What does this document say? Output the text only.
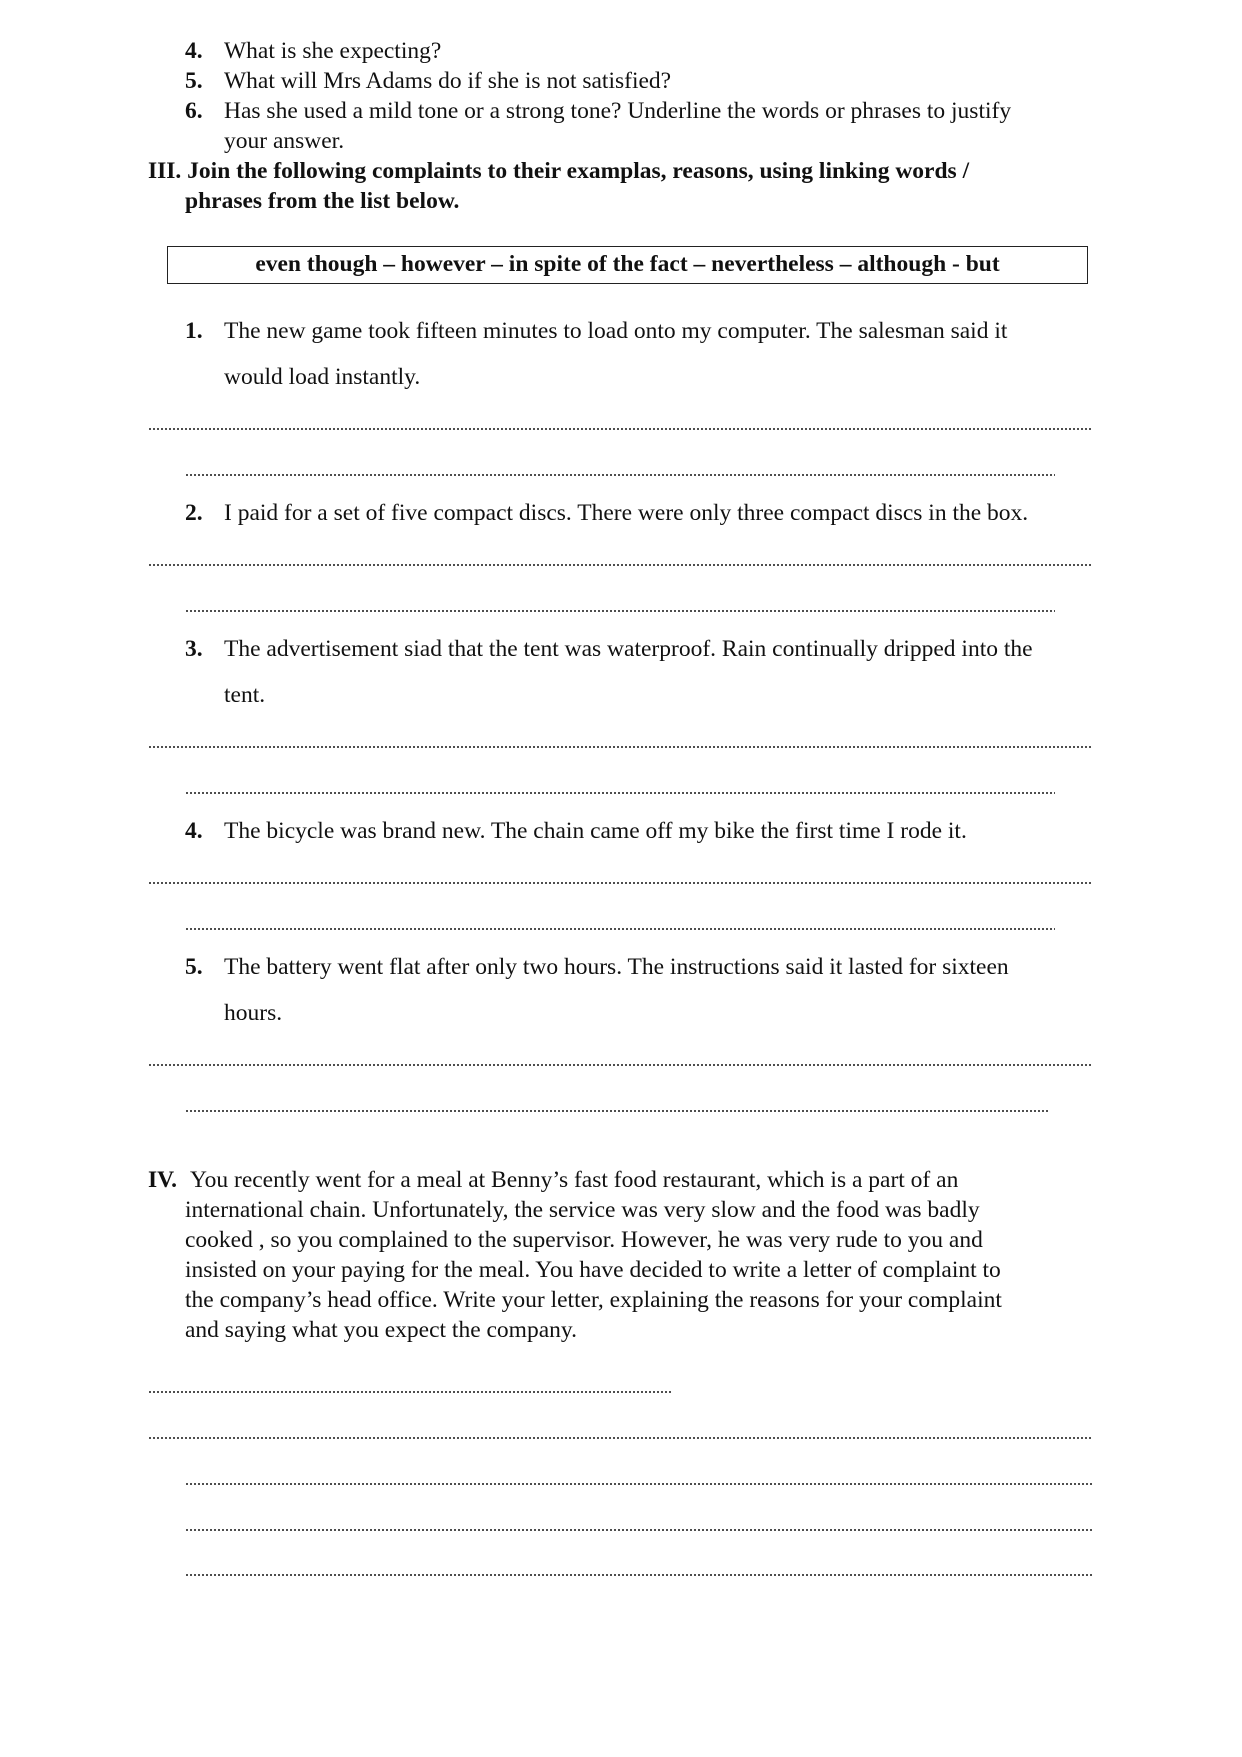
4. What is she expecting?
5. What will Mrs Adams do if she is not satisfied?
6. Has she used a mild tone or a strong tone? Underline the words or phrases to justify
your answer.
III. Join the following complaints to their examplas, reasons, using linking words /
phrases from the list below.
even though – however – in spite of the fact – nevertheless – although - but
1. The new game took fifteen minutes to load onto my computer. The salesman said it
would load instantly.
2. I paid for a set of five compact discs. There were only three compact discs in the box.
3. The advertisement siad that the tent was waterproof. Rain continually dripped into the
tent.
4. The bicycle was brand new. The chain came off my bike the first time I rode it.
5. The battery went flat after only two hours. The instructions said it lasted for sixteen
hours.
IV. You recently went for a meal at Benny’s fast food restaurant, which is a part of an
international chain. Unfortunately, the service was very slow and the food was badly
cooked , so you complained to the supervisor. However, he was very rude to you and
insisted on your paying for the meal. You have decided to write a letter of complaint to
the company’s head office. Write your letter, explaining the reasons for your complaint
and saying what you expect the company.
